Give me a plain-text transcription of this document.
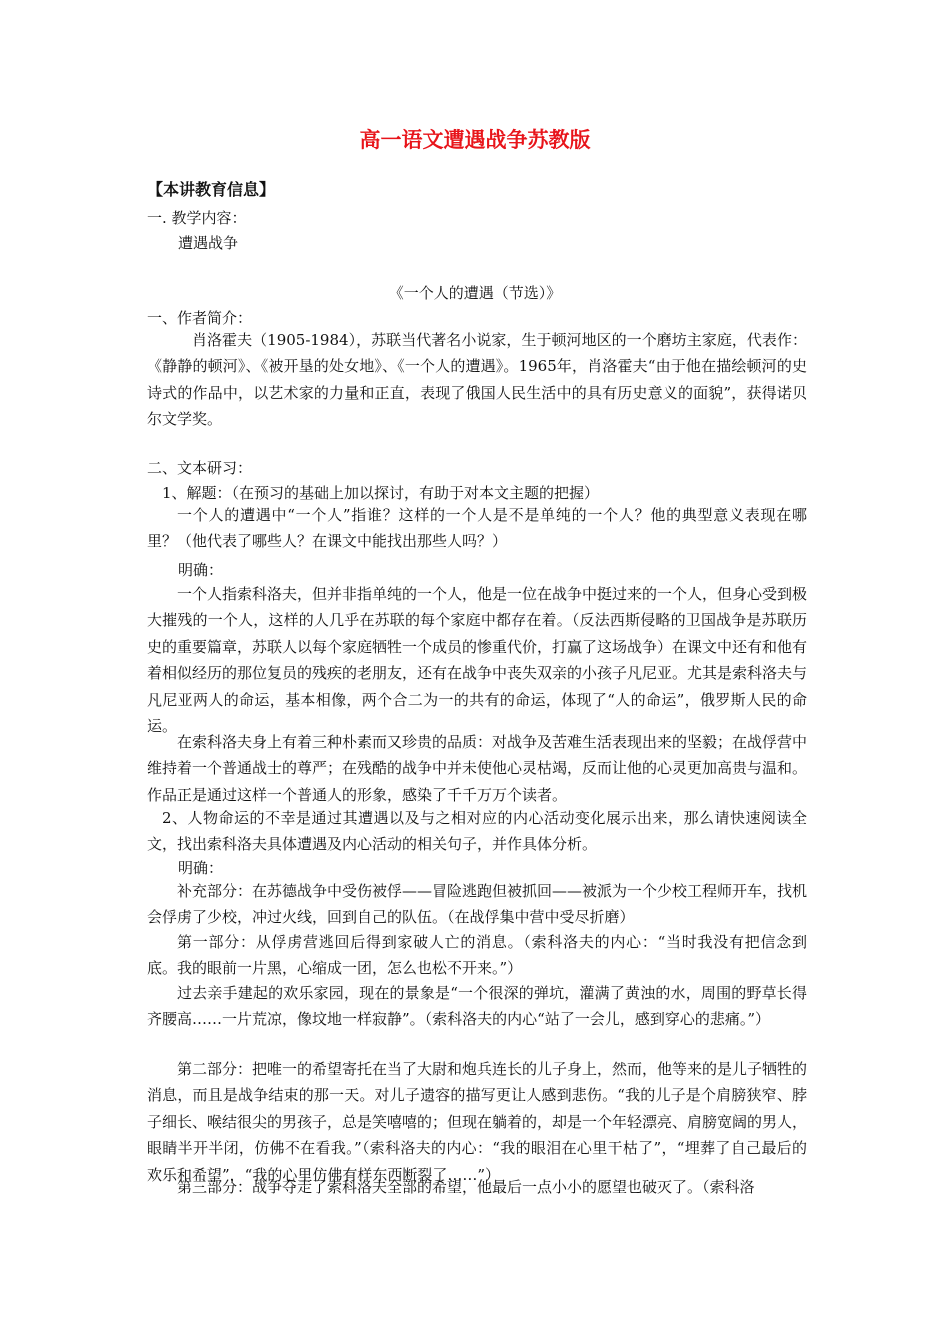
高一语文遭遇战争苏教版
【本讲教育信息】
一. 教学内容：
遭遇战争
《一个人的遭遇（节选）》
一、作者简介：
肖洛霍夫（1905-1984），苏联当代著名小说家，生于顿河地区的一个磨坊主家庭，代表作：《静静的顿河》、《被开垦的处女地》、《一个人的遭遇》。1965年，肖洛霍夫“由于他在描绘顿河的史诗式的作品中，以艺术家的力量和正直，表现了俄国人民生活中的具有历史意义的面貌”，获得诺贝尔文学奖。
二、文本研习：
1、解题：（在预习的基础上加以探讨，有助于对本文主题的把握）
一个人的遭遇中“一个人”指谁？这样的一个人是不是单纯的一个人？他的典型意义表现在哪里？（他代表了哪些人？在课文中能找出那些人吗？）
明确：
一个人指索科洛夫，但并非指单纯的一个人，他是一位在战争中挺过来的一个人，但身心受到极大摧残的一个人，这样的人几乎在苏联的每个家庭中都存在着。（反法西斯侵略的卫国战争是苏联历史的重要篇章，苏联人以每个家庭牺牲一个成员的惨重代价，打赢了这场战争）在课文中还有和他有着相似经历的那位复员的残疾的老朋友，还有在战争中丧失双亲的小孩子凡尼亚。尤其是索科洛夫与凡尼亚两人的命运，基本相像，两个合二为一的共有的命运，体现了“人的命运”，俄罗斯人民的命运。
在索科洛夫身上有着三种朴素而又珍贵的品质：对战争及苦难生活表现出来的坚毅；在战俘营中维持着一个普通战士的尊严；在残酷的战争中并未使他心灵枯竭，反而让他的心灵更加高贵与温和。作品正是通过这样一个普通人的形象，感染了千千万万个读者。
2、人物命运的不幸是通过其遭遇以及与之相对应的内心活动变化展示出来，那么请快速阅读全文，找出索科洛夫具体遭遇及内心活动的相关句子，并作具体分析。
明确：
补充部分：在苏德战争中受伤被俘——冒险逃跑但被抓回——被派为一个少校工程师开车，找机会俘虏了少校，冲过火线，回到自己的队伍。（在战俘集中营中受尽折磨）
第一部分：从俘虏营逃回后得到家破人亡的消息。（索科洛夫的内心：“当时我没有把信念到底。我的眼前一片黑，心缩成一团，怎么也松不开来。”）
过去亲手建起的欢乐家园，现在的景象是“一个很深的弹坑，灌满了黄浊的水，周围的野草长得齐腰高……一片荒凉，像坟地一样寂静”。（索科洛夫的内心“站了一会儿，感到穿心的悲痛。”）
第二部分：把唯一的希望寄托在当了大尉和炮兵连长的儿子身上，然而，他等来的是儿子牺牲的消息，而且是战争结束的那一天。对儿子遗容的描写更让人感到悲伤。“我的儿子是个肩膀狭窄、脖子细长、喉结很尖的男孩子，总是笑嘻嘻的；但现在躺着的，却是一个年轻漂亮、肩膀宽阔的男人，眼睛半开半闭，仿佛不在看我。”（索科洛夫的内心：“我的眼泪在心里干枯了”，“埋葬了自己最后的欢乐和希望”，“我的心里仿佛有样东西断裂了……”）
第三部分：战争夺走了索科洛夫全部的希望，他最后一点小小的愿望也破灭了。（索科洛
